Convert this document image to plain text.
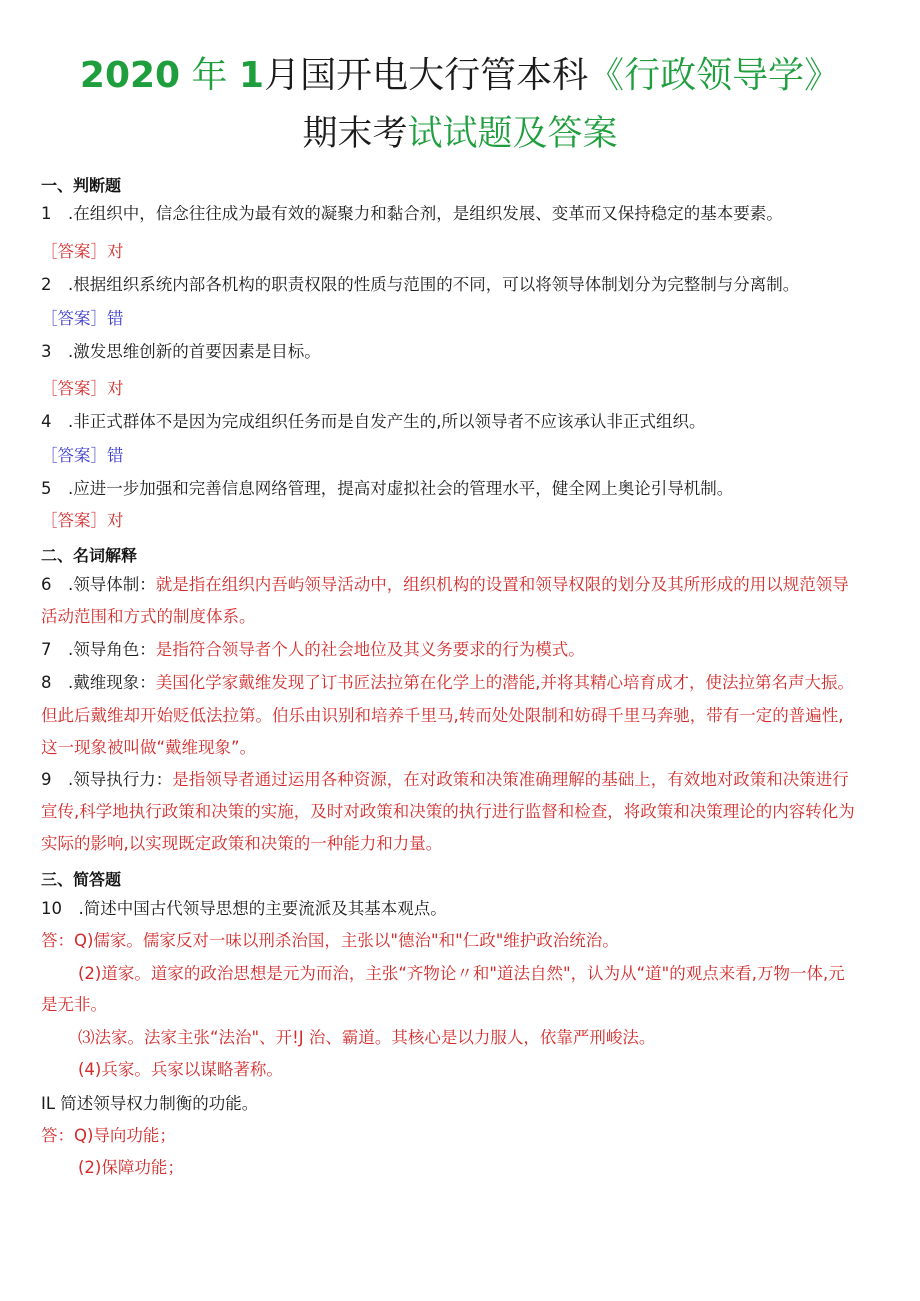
2020 年 1月国开电大行管本科《行政领导学》
期末考试试题及答案
一、判断题
1　.在组织中，信念往往成为最有效的凝聚力和黏合剂，是组织发展、变革而又保持稳定的基本要素。
［答案］对
2　.根据组织系统内部各机构的职责权限的性质与范围的不同，可以将领导体制划分为完整制与分离制。
［答案］错
3　.激发思维创新的首要因素是目标。
［答案］对
4　.非正式群体不是因为完成组织任务而是自发产生的,所以领导者不应该承认非正式组织。
［答案］错
5　.应进一步加强和完善信息网络管理，提高对虚拟社会的管理水平，健全网上奥论引导机制。
［答案］对
二、名词解释
6　.领导体制：就是指在组织内吾屿领导活动中，组织机构的设置和领导权限的划分及其所形成的用以规范领导
活动范围和方式的制度体系。
7　.领导角色：是指符合领导者个人的社会地位及其义务要求的行为模式。
8　.戴维现象：美国化学家戴维发现了订书匠法拉第在化学上的潜能,并将其精心培育成才，使法拉第名声大振。
但此后戴维却开始贬低法拉第。伯乐由识别和培养千里马,转而处处限制和妨碍千里马奔驰，带有一定的普遍性,
这一现象被叫做“戴维现象”。
9　.领导执行力：是指领导者通过运用各种资源，在对政策和决策准确理解的基础上，有效地对政策和决策进行
宣传,科学地执行政策和决策的实施，及时对政策和决策的执行进行监督和检查，将政策和决策理论的内容转化为
实际的影响,以实现既定政策和决策的一种能力和力量。
三、简答题
10　.简述中国古代领导思想的主要流派及其基本观点。
答：Q)儒家。儒家反对一味以刑杀治国，主张以"德治"和"仁政"维护政治统治。
(2)道家。道家的政治思想是元为而治，主张“齐物论〃和"道法自然"，认为从“道"的观点来看,万物一体,元
是无非。
⑶法家。法家主张“法治"、开!J 治、霸道。其核心是以力服人，依靠严刑峻法。
(4)兵家。兵家以谋略著称。
IL 简述领导权力制衡的功能。
答：Q)导向功能；
(2)保障功能；
